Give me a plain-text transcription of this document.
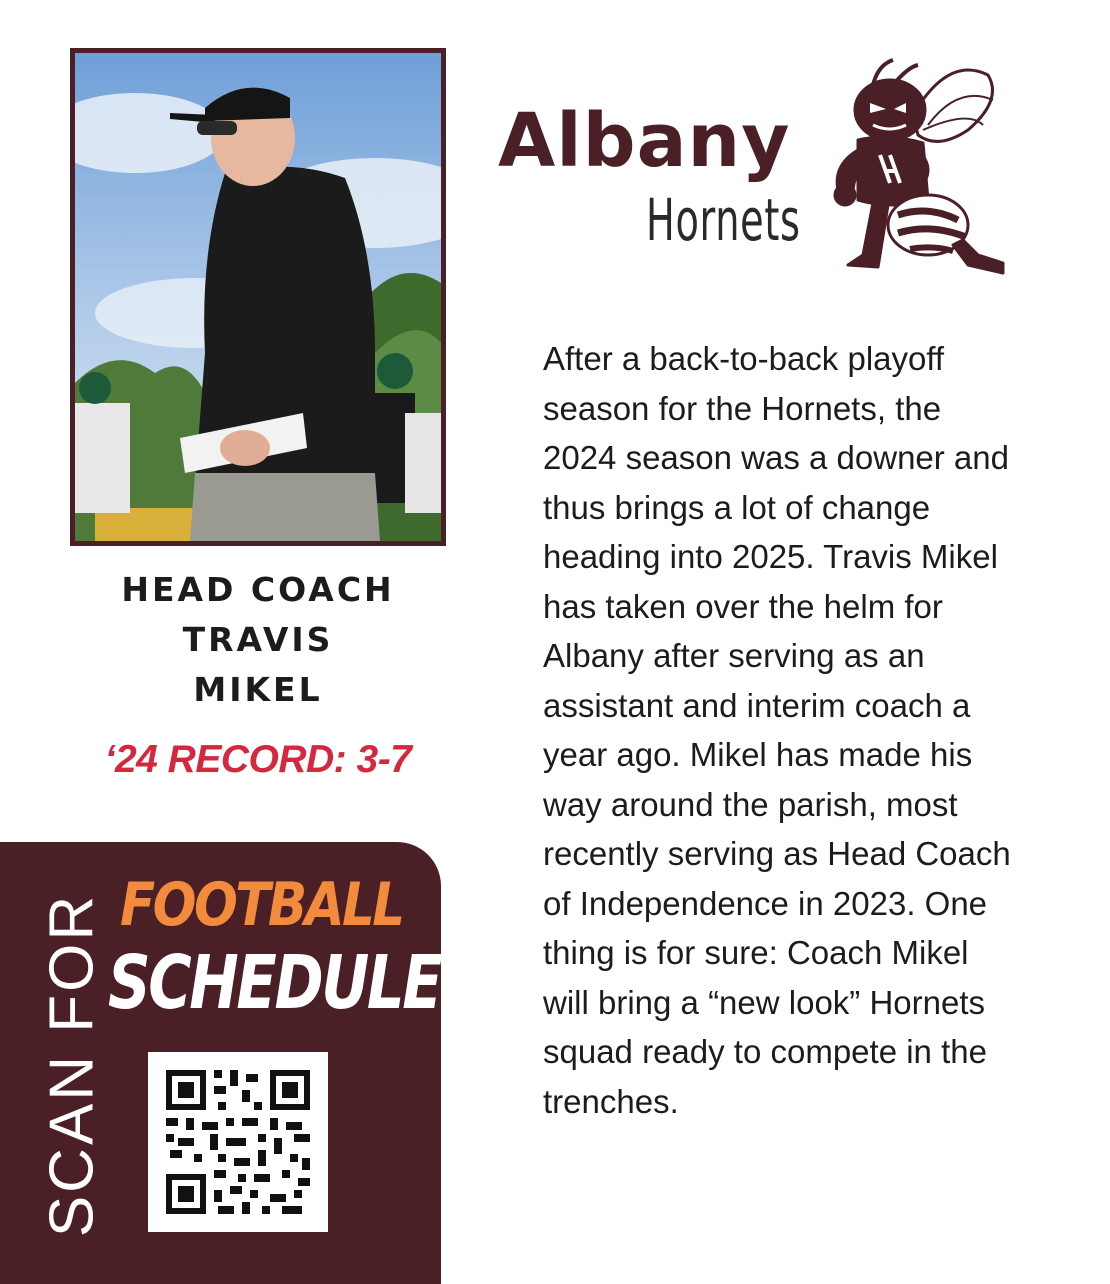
HEAD COACH
TRAVIS
MIKEL
‘24 RECORD: 3-7
SCAN FOR FOOTBALL
SCHEDULE
Albany
Hornets
After a back-to-back playoff season for the Hornets, the 2024 season was a downer and thus brings a lot of change heading into 2025. Travis Mikel has taken over the helm for Albany after serving as an assistant and interim coach a year ago. Mikel has made his way around the parish, most recently serving as Head Coach of Independence in 2023. One thing is for sure: Coach Mikel will bring a “new look” Hornets squad ready to compete in the trenches.
